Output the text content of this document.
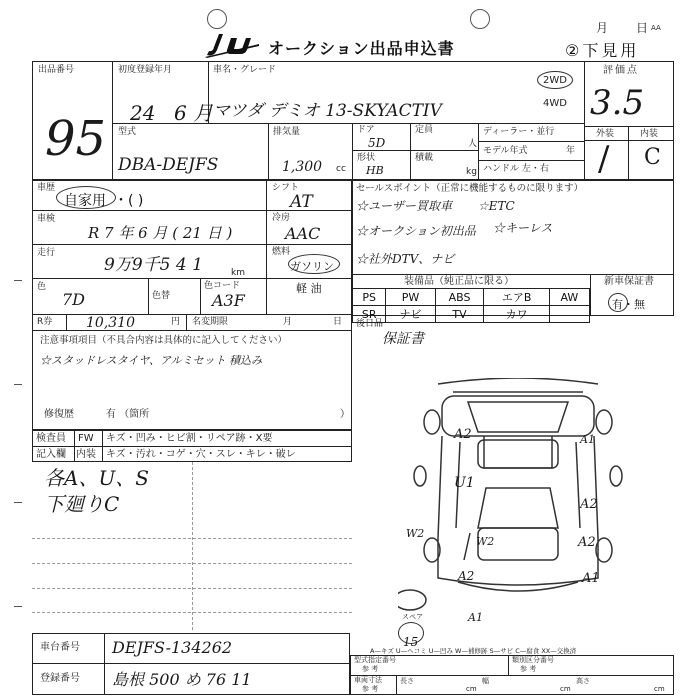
オークション出品申込書
月 日 AA
②下見用
出品番号
95
初度登録年月
24 6 月
車名・グレード
マツダ デミオ 13-SKYACTIV
2WD
4WD
評価点
3.5
外装	内装
/ C
型式
DBA-DEJFS
排気量
1,300 cc
ドア
5D
定員
人
形状
HB
積載
kg
ディーラー・並行
モデル年式	年
ハンドル 左・右
車歴
自家用 ・( )
シフト
AT
車検
R 7 年 6 月 ( 21 日 )
冷房
AAC
走行
9万9千5 4 1	km
燃料
ガソリン
軽 油
色
7D	色替
色コード
A3F
R券 10,310	円 名変期限	月	日
注意事項項目（不具合内容は具体的に記入してください）
☆スタッドレスタイヤ、アルミセット 積込み
修復歴	有 （箇所	）
セールスポイント（正常に機能するものに限ります）
☆ユーザー買取車 ☆ETC
☆オークション初出品 ☆キーレス
☆社外DTV、ナビ
装備品（純正品に限る）	新車保証書
有・無
PS	PW	ABS	エアB	AW
SR	ナビ	TV	カワ	
後日品
保証書
検査員 FW キズ・凹み・ヒビ割・リペア跡・X要
記入欄 内装 キズ・汚れ・コゲ・穴・スレ・キレ・破レ
各A、U、S
下廻りC
A2	A1
U1
A2
W2
W2	A2
A1
A1
A2
スペア
15
A—キズ U—ヘコミ U—凹み W—補修跡 S—サビ C—腐食 XX—交換済
車台番号 DEJFS-134262
登録番号 島根 500 め 76 11
型式指定番号
参 考
類別区分番号
参 考
車両寸法
参 考
長さ
cm
幅
cm
高さ
cm
